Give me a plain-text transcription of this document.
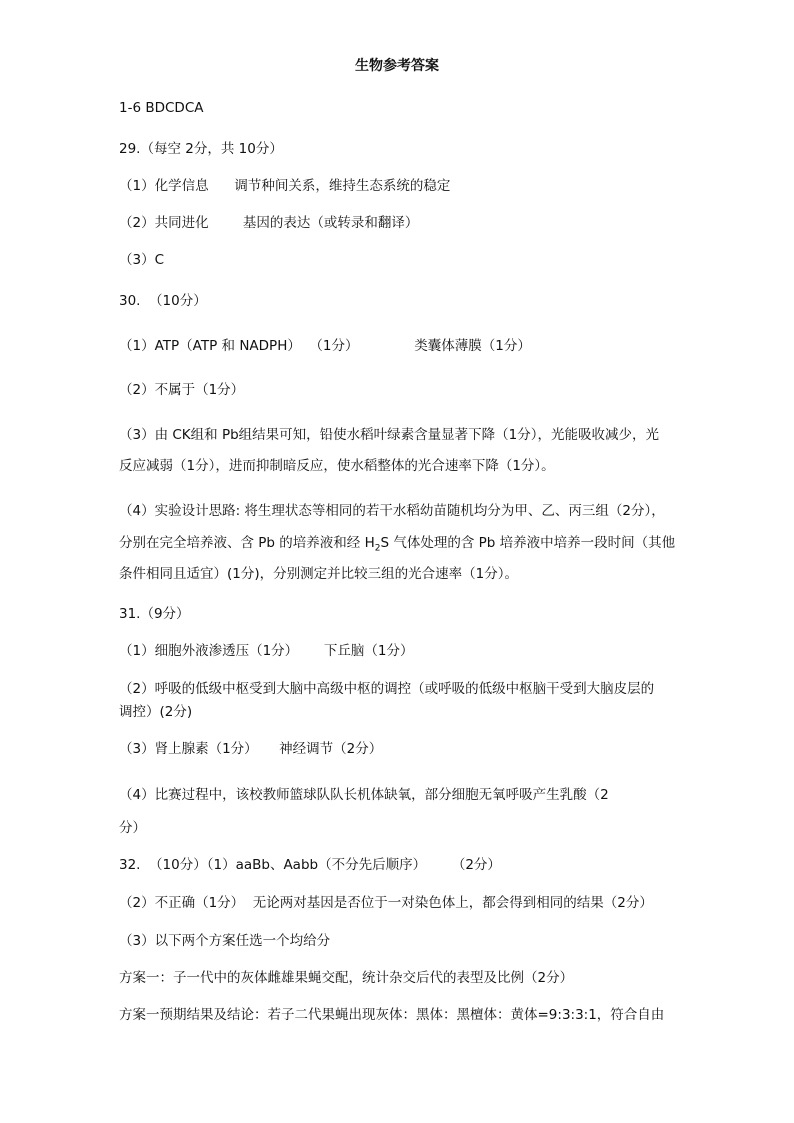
生物参考答案
1-6 BDCDCA
29.（每空 2分，共 10分）
（1）化学信息      调节种间关系，维持生态系统的稳定
（2）共同进化        基因的表达（或转录和翻译）
（3）C
30.  （10分）
（1）ATP（ATP 和 NADPH）  （1分）             类囊体薄膜（1分）
（2）不属于（1分）
（3）由 CK组和 Pb组结果可知，铅使水稻叶绿素含量显著下降（1分），光能吸收减少，光
反应减弱（1分），进而抑制暗反应，使水稻整体的光合速率下降（1分）。
（4）实验设计思路: 将生理状态等相同的若干水稻幼苗随机均分为甲、乙、丙三组（2分），
分别在完全培养液、含 Pb 的培养液和经 $H_2S$ 气体处理的含 Pb 培养液中培养一段时间（其他
条件相同且适宜）(1分)，分别测定并比较三组的光合速率（1分）。
31.（9分）
（1）细胞外液渗透压（1分）      下丘脑（1分）
（2）呼吸的低级中枢受到大脑中高级中枢的调控（或呼吸的低级中枢脑干受到大脑皮层的
调控）(2分)
（3）肾上腺素（1分）     神经调节（2分）
（4）比赛过程中，该校教师篮球队队长机体缺氧，部分细胞无氧呼吸产生乳酸（2
分）
32.  （10分）（1）aaBb、Aabb（不分先后顺序）      （2分）
（2）不正确（1分）  无论两对基因是否位于一对染色体上，都会得到相同的结果（2分）
（3）以下两个方案任选一个均给分
方案一：子一代中的灰体雌雄果蝇交配，统计杂交后代的表型及比例（2分）
方案一预期结果及结论：若子二代果蝇出现灰体：黑体：黑檀体：黄体=9:3:3:1，符合自由
